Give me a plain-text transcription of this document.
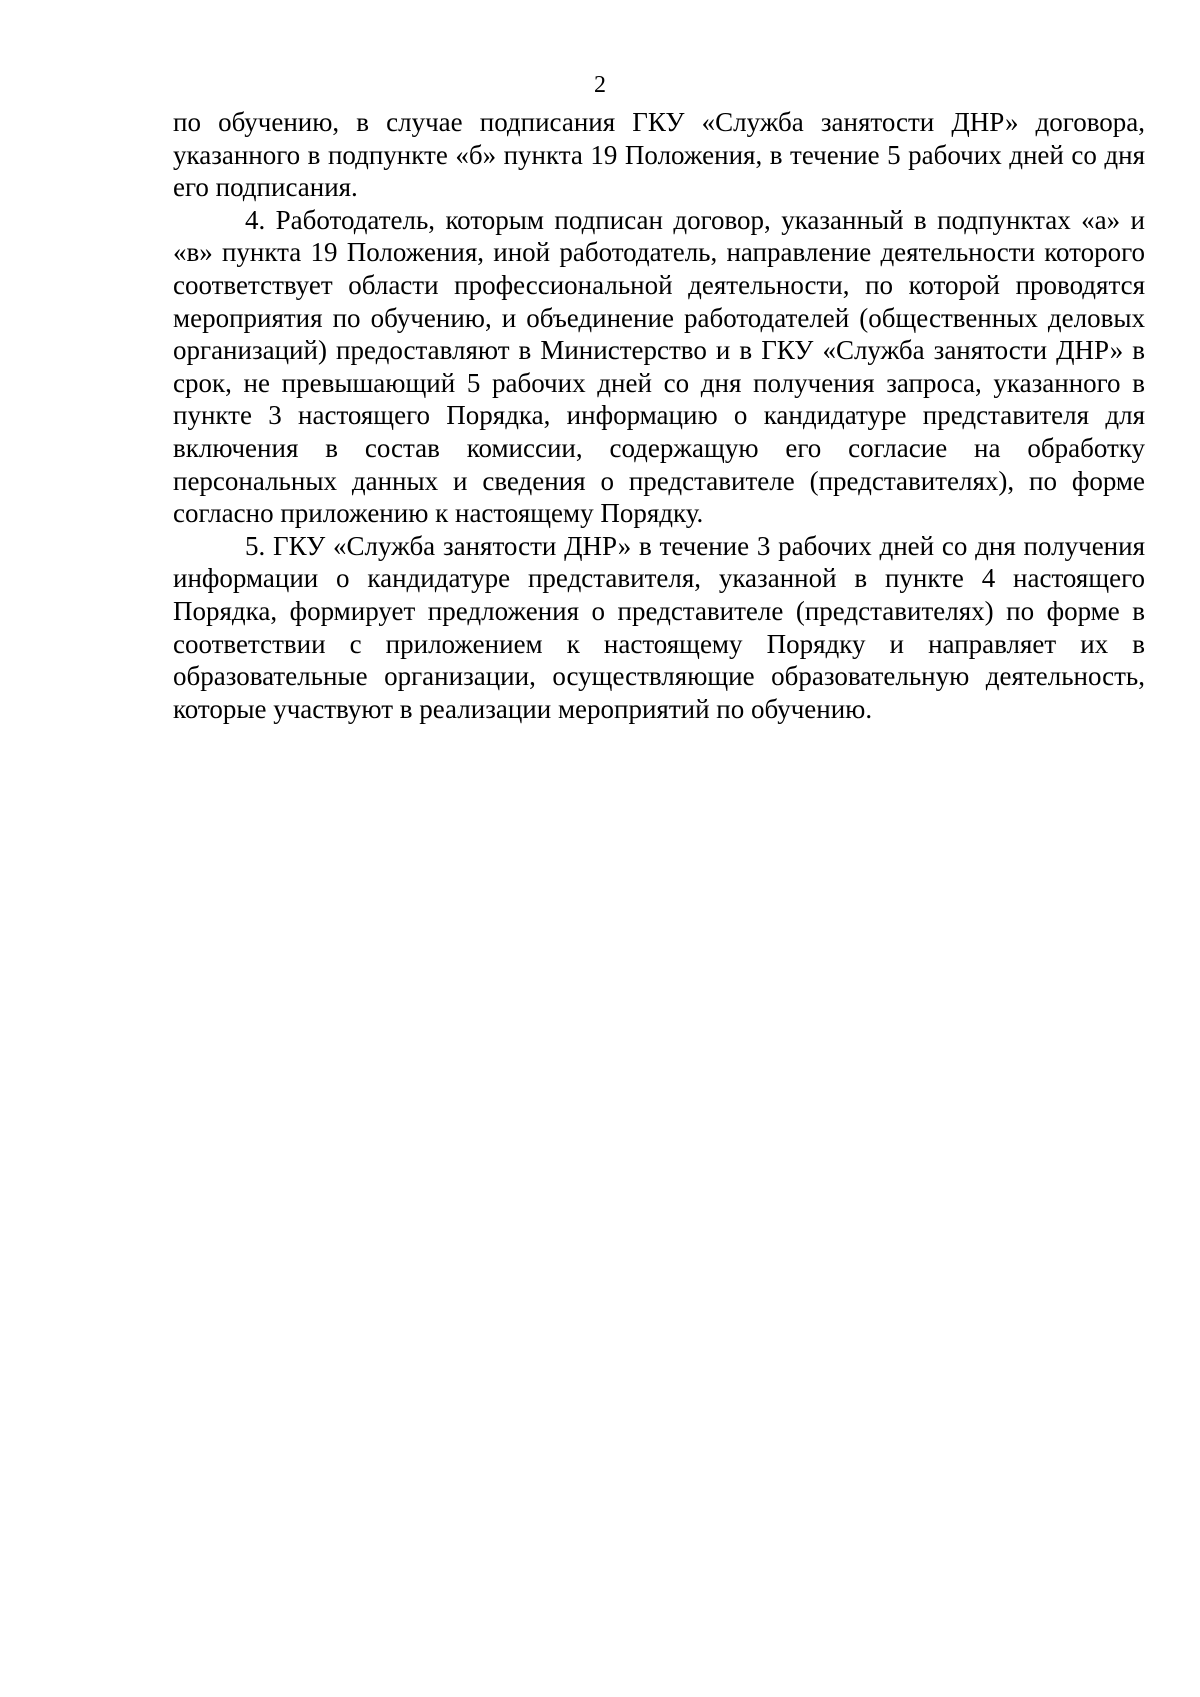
2

по обучению, в случае подписания ГКУ «Служба занятости ДНР» договора, указанного в подпункте «б» пункта 19 Положения, в течение 5 рабочих дней со дня его подписания.

4. Работодатель, которым подписан договор, указанный в подпунктах «а» и «в» пункта 19 Положения, иной работодатель, направление деятельности которого соответствует области профессиональной деятельности, по которой проводятся мероприятия по обучению, и объединение работодателей (общественных деловых организаций) предоставляют в Министерство и в ГКУ «Служба занятости ДНР» в срок, не превышающий 5 рабочих дней со дня получения запроса, указанного в пункте 3 настоящего Порядка, информацию о кандидатуре представителя для включения в состав комиссии, содержащую его согласие на обработку персональных данных и сведения о представителе (представителях), по форме согласно приложению к настоящему Порядку.

5. ГКУ «Служба занятости ДНР» в течение 3 рабочих дней со дня получения информации о кандидатуре представителя, указанной в пункте 4 настоящего Порядка, формирует предложения о представителе (представителях) по форме в соответствии с приложением к настоящему Порядку и направляет их в образовательные организации, осуществляющие образовательную деятельность, которые участвуют в реализации мероприятий по обучению.
